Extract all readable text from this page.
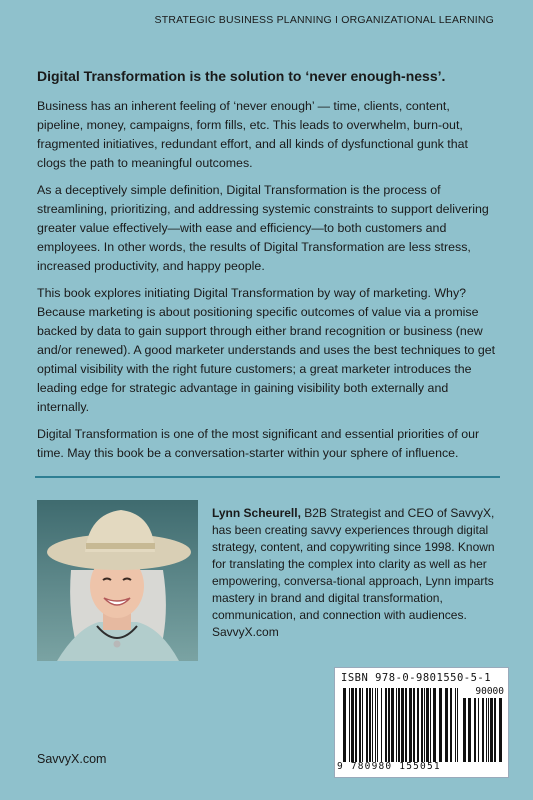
STRATEGIC BUSINESS PLANNING I ORGANIZATIONAL LEARNING
Digital Transformation is the solution to ‘never enough-ness’.

Business has an inherent feeling of ‘never enough’ — time, clients, content, pipeline, money, campaigns, form fills, etc. This leads to overwhelm, burn-out, fragmented initiatives, redundant effort, and all kinds of dysfunctional gunk that clogs the path to meaningful outcomes.

As a deceptively simple definition, Digital Transformation is the process of streamlining, prioritizing, and addressing systemic constraints to support delivering greater value effectively—with ease and efficiency—to both customers and employees. In other words, the results of Digital Transformation are less stress, increased productivity, and happy people.

This book explores initiating Digital Transformation by way of marketing. Why? Because marketing is about positioning specific outcomes of value via a promise backed by data to gain support through either brand recognition or business (new and/or renewed). A good marketer understands and uses the best techniques to get optimal visibility with the right future customers; a great marketer introduces the leading edge for strategic advantage in gaining visibility both externally and internally.

Digital Transformation is one of the most significant and essential priorities of our time. May this book be a conversation-starter within your sphere of influence.

Lynn Scheurell, B2B Strategist and CEO of SavvyX, has been creating savvy experiences through digital strategy, content, and copywriting since 1998. Known for translating the complex into clarity as well as her empowering, conversa-tional approach, Lynn imparts mastery in brand and digital transformation, communication, and connection with audiences. SavvyX.com
SavvyX.com
ISBN 978-0-9801550-5-1
90000
9 780980 155051
